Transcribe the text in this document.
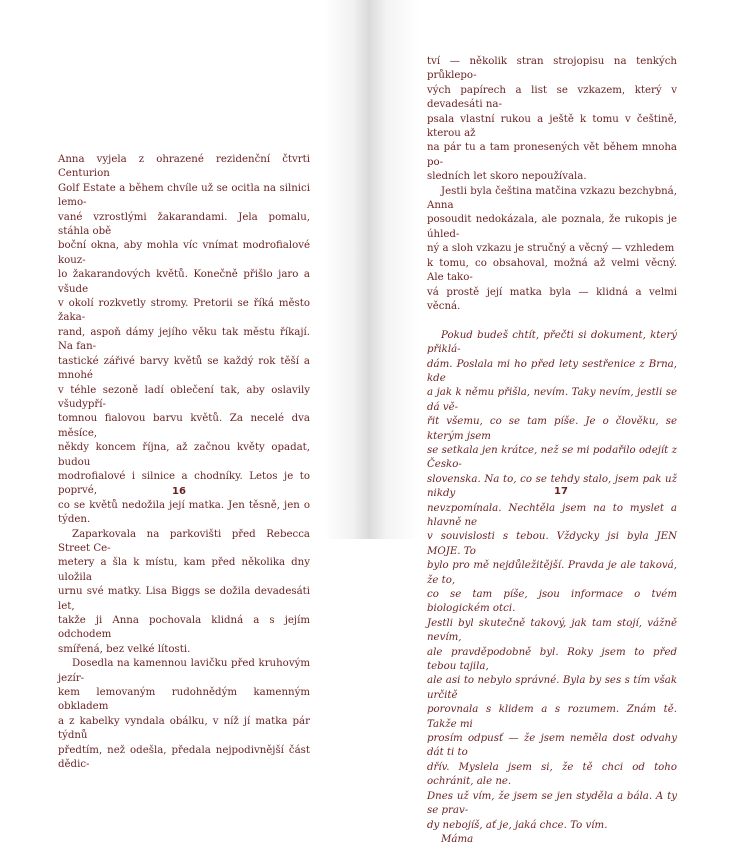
Anna vyjela z ohrazené rezidenční čtvrti Centurion
Golf Estate a během chvíle už se ocitla na silnici lemo-
vané vzrostlými žakarandami. Jela pomalu, stáhla obě
boční okna, aby mohla víc vnímat modrofialové kouz-
lo žakarandových květů. Konečně přišlo jaro a všude
v okolí rozkvetly stromy. Pretorii se říká město žaka-
rand, aspoň dámy jejího věku tak městu říkají. Na fan-
tastické zářivé barvy květů se každý rok těší a mnohé
v téhle sezoně ladí oblečení tak, aby oslavily všudypří-
tomnou fialovou barvu květů. Za necelé dva měsíce,
někdy koncem října, až začnou květy opadat, budou
modrofialové i silnice a chodníky. Letos je to poprvé,
co se květů nedožila její matka. Jen těsně, jen o týden.

Zaparkovala na parkovišti před Rebecca Street Ce-
metery a šla k místu, kam před několika dny uložila
urnu své matky. Lisa Biggs se dožila devadesáti let,
takže ji Anna pochovala klidná a s jejím odchodem
smířená, bez velké lítosti.

Dosedla na kamennou lavičku před kruhovým jezír-
kem lemovaným rudohnědým kamenným obkladem
a z kabelky vyndala obálku, v níž jí matka pár týdnů
předtím, než odešla, předala nejpodivnější část dědic-

16

tví — několik stran strojopisu na tenkých průklepo-
vých papírech a list se vzkazem, který v devadesáti na-
psala vlastní rukou a ještě k tomu v češtině, kterou až
na pár tu a tam pronesených vět během mnoha po-
sledních let skoro nepoužívala.

Jestli byla čeština matčina vzkazu bezchybná, Anna
posoudit nedokázala, ale poznala, že rukopis je úhled-
ný a sloh vzkazu je stručný a věcný — vzhledem
k tomu, co obsahoval, možná až velmi věcný. Ale tako-
vá prostě její matka byla — klidná a velmi věcná.

Pokud budeš chtít, přečti si dokument, který přiklá-
dám. Poslala mi ho před lety sestřenice z Brna, kde
a jak k němu přišla, nevím. Taky nevím, jestli se dá vě-
řit všemu, co se tam píše. Je o člověku, se kterým jsem
se setkala jen krátce, než se mi podařilo odejít z Česko-
slovenska. Na to, co se tehdy stalo, jsem pak už nikdy
nevzpomínala. Nechtěla jsem na to myslet a hlavně ne
v souvislosti s tebou. Vždycky jsi byla JEN MOJE. To
bylo pro mě nejdůležitější. Pravda je ale taková, že to,
co se tam píše, jsou informace o tvém biologickém otci.
Jestli byl skutečně takový, jak tam stojí, vážně nevím,
ale pravděpodobně byl. Roky jsem to před tebou tajila,
ale asi to nebylo správné. Byla by ses s tím však určitě
porovnala s klidem a s rozumem. Znám tě. Takže mi
prosím odpusť — že jsem neměla dost odvahy dát ti to
dřív. Myslela jsem si, že tě chci od toho ochránit, ale ne.
Dnes už vím, že jsem se jen styděla a bála. A ty se prav-
dy nebojíš, ať je, jaká chce. To vím.

Máma

17
